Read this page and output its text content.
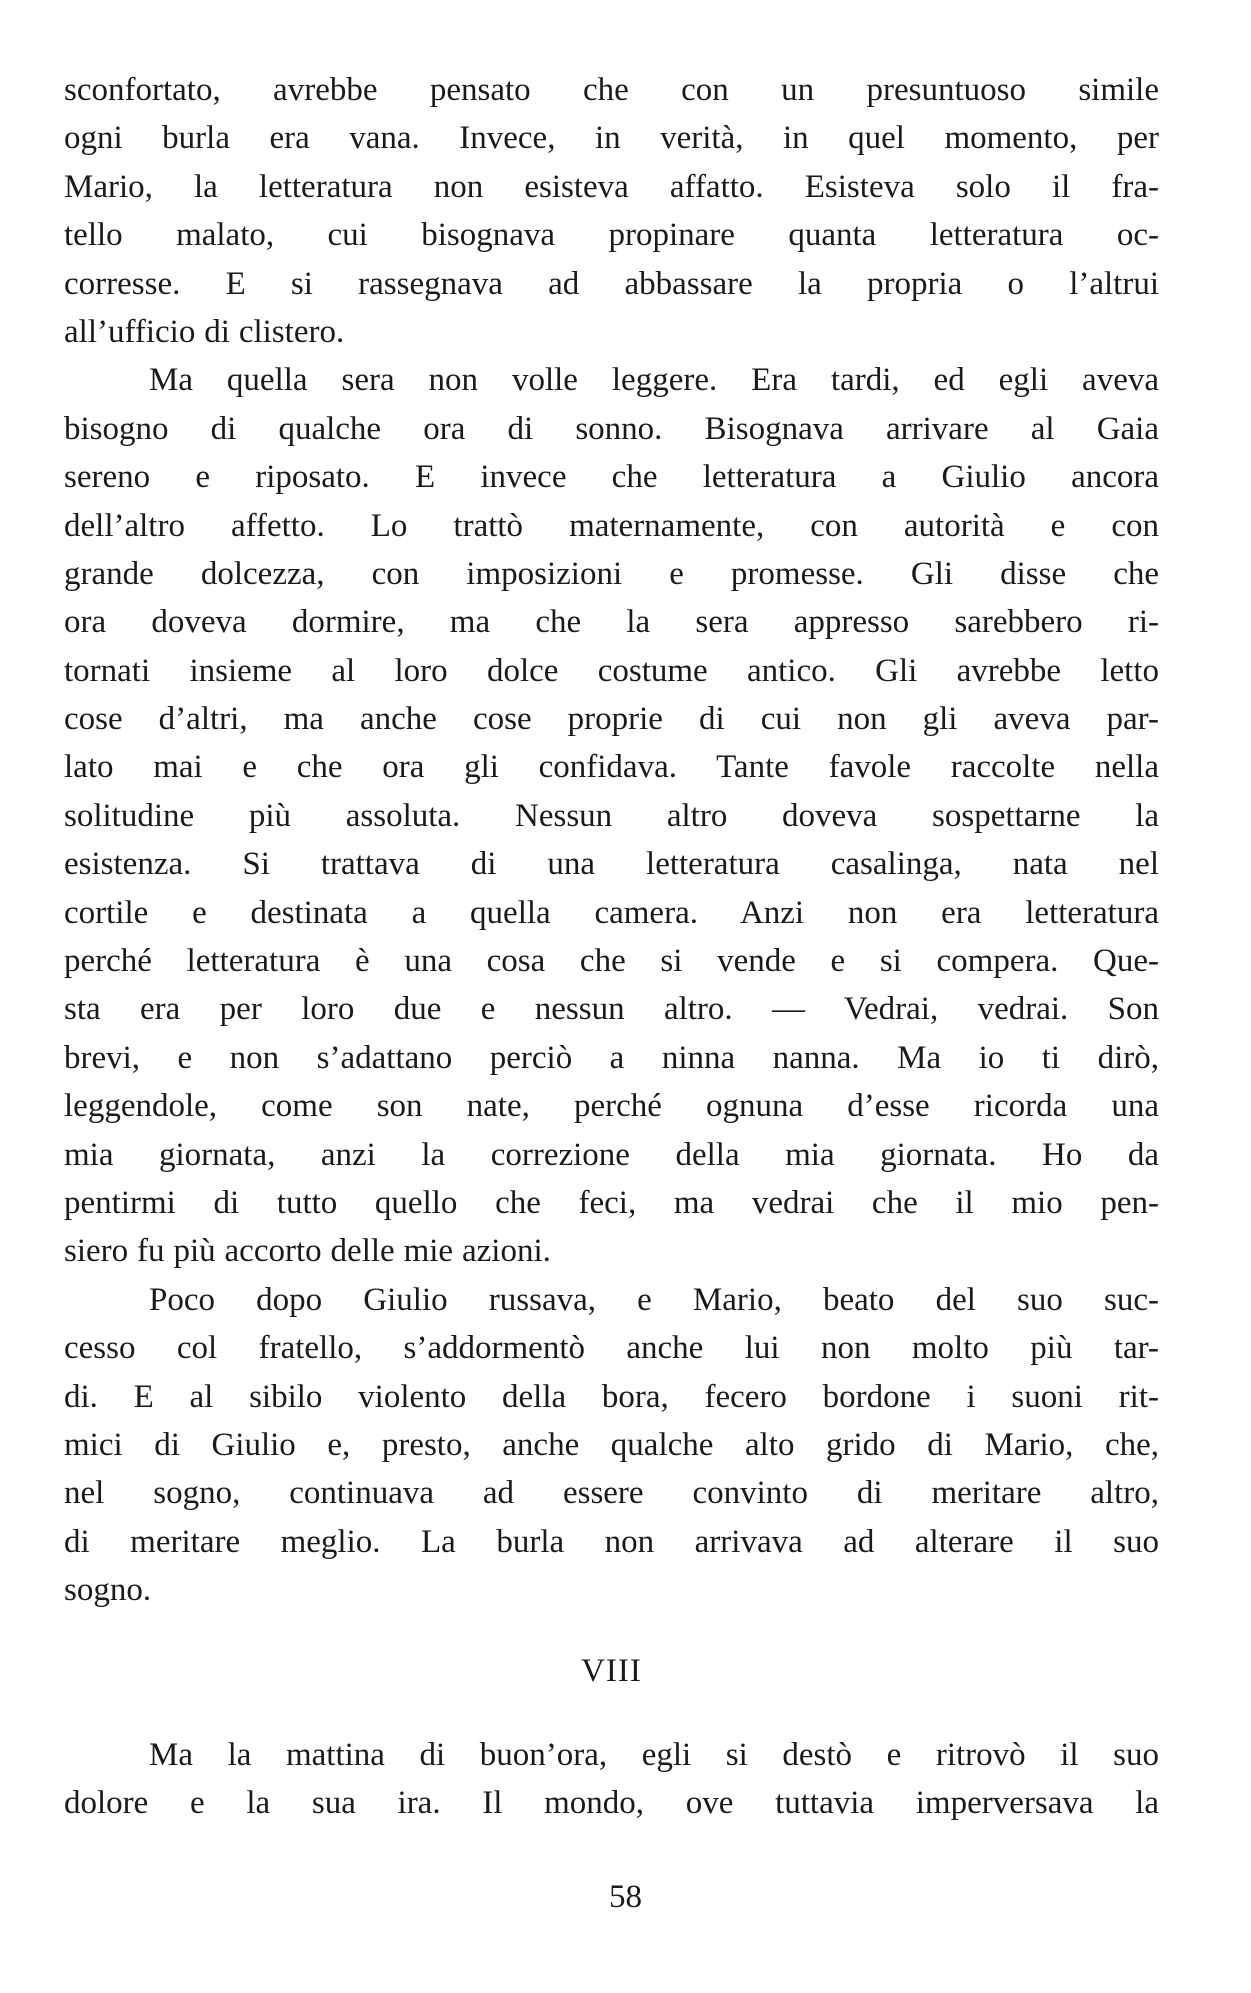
sconfortato, avrebbe pensato che con un presuntuoso simile
ogni burla era vana. Invece, in verità, in quel momento, per
Mario, la letteratura non esisteva affatto. Esisteva solo il fra-
tello malato, cui bisognava propinare quanta letteratura oc-
corresse. E si rassegnava ad abbassare la propria o l’altrui
all’ufficio di clistero.
Ma quella sera non volle leggere. Era tardi, ed egli aveva
bisogno di qualche ora di sonno. Bisognava arrivare al Gaia
sereno e riposato. E invece che letteratura a Giulio ancora
dell’altro affetto. Lo trattò maternamente, con autorità e con
grande dolcezza, con imposizioni e promesse. Gli disse che
ora doveva dormire, ma che la sera appresso sarebbero ri-
tornati insieme al loro dolce costume antico. Gli avrebbe letto
cose d’altri, ma anche cose proprie di cui non gli aveva par-
lato mai e che ora gli confidava. Tante favole raccolte nella
solitudine più assoluta. Nessun altro doveva sospettarne la
esistenza. Si trattava di una letteratura casalinga, nata nel
cortile e destinata a quella camera. Anzi non era letteratura
perché letteratura è una cosa che si vende e si compera. Que-
sta era per loro due e nessun altro. — Vedrai, vedrai. Son
brevi, e non s’adattano perciò a ninna nanna. Ma io ti dirò,
leggendole, come son nate, perché ognuna d’esse ricorda una
mia giornata, anzi la correzione della mia giornata. Ho da
pentirmi di tutto quello che feci, ma vedrai che il mio pen-
siero fu più accorto delle mie azioni.
Poco dopo Giulio russava, e Mario, beato del suo suc-
cesso col fratello, s’addormentò anche lui non molto più tar-
di. E al sibilo violento della bora, fecero bordone i suoni rit-
mici di Giulio e, presto, anche qualche alto grido di Mario, che,
nel sogno, continuava ad essere convinto di meritare altro,
di meritare meglio. La burla non arrivava ad alterare il suo
sogno.
VIII
Ma la mattina di buon’ora, egli si destò e ritrovò il suo
dolore e la sua ira. Il mondo, ove tuttavia imperversava la
58
